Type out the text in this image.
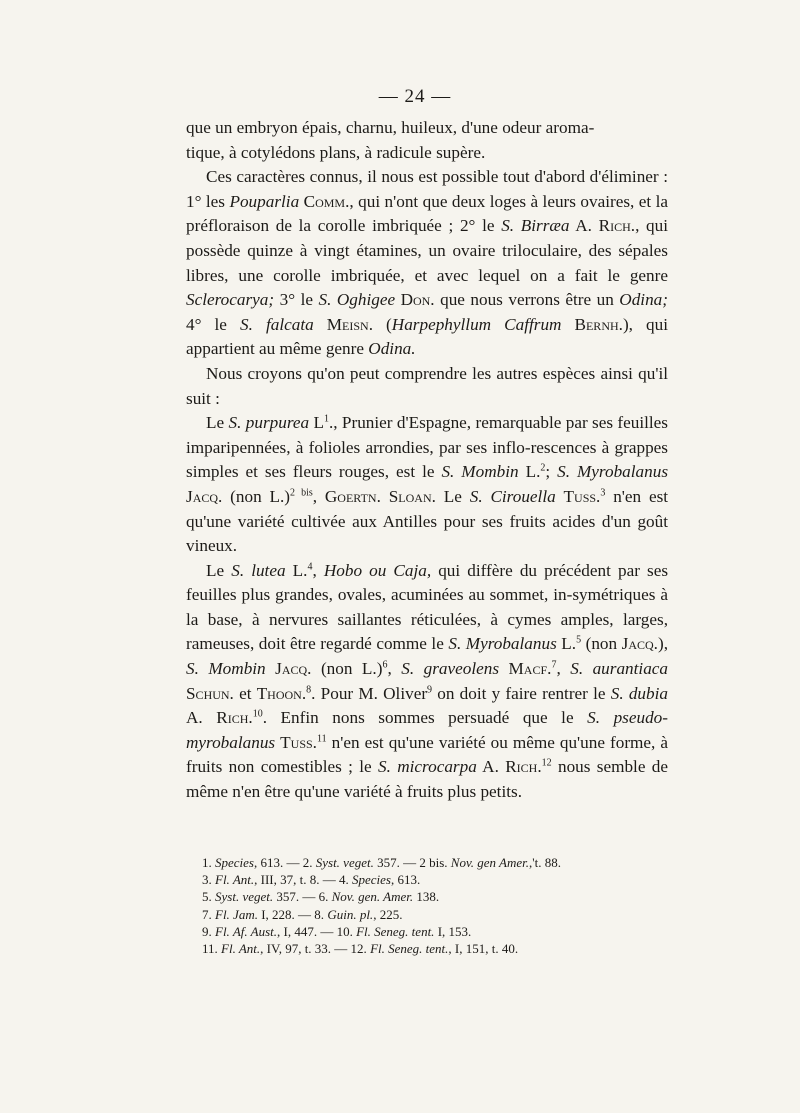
— 24 —

que un embryon épais, charnu, huileux, d'une odeur aroma-
tique, à cotylédons plans, à radicule supère.

Ces caractères connus, il nous est possible tout d'abord d'éliminer : 1° les Pouparlia Comm., qui n'ont que deux loges à leurs ovaires, et la préfloraison de la corolle imbriquée ; 2° le S. Birræa A. Rich., qui possède quinze à vingt étamines, un ovaire triloculaire, des sépales libres, une corolle imbriquée, et avec lequel on a fait le genre Sclerocarya; 3° le S. Oghigee Don. que nous verrons être un Odina; 4° le S. falcata Meisn. (Harpephyllum Caffrum Bernh.), qui appartient au même genre Odina.

Nous croyons qu'on peut comprendre les autres espèces ainsi qu'il suit :

Le S. purpurea $L^1$., Prunier d'Espagne, remarquable par ses feuilles imparipennées, à folioles arrondies, par ses inflo-rescences à grappes simples et ses fleurs rouges, est le S. Mombin L.$^2$; S. Myrobalanus Jacq. (non L.)$^{2 bis}$, Goertn. Sloan. Le S. Cirouella Tuss.$^3$ n'en est qu'une variété cultivée aux Antilles pour ses fruits acides d'un goût vineux.

Le S. lutea L.$^4$, Hobo ou Caja, qui diffère du précédent par ses feuilles plus grandes, ovales, acuminées au sommet, in-symétriques à la base, à nervures saillantes réticulées, à cymes amples, larges, rameuses, doit être regardé comme le S. Myrobalanus L.$^5$ (non Jacq.), S. Mombin Jacq. (non L.)$^6$, S. graveolens Macf.$^7$, S. aurantiaca Schun. et Thoon.$^8$. Pour M. Oliver$^9$ on doit y faire rentrer le S. dubia A. Rich.$^{10}$. Enfin nons sommes persuadé que le S. pseudo-myrobalanus Tuss.$^{11}$ n'en est qu'une variété ou même qu'une forme, à fruits non comestibles ; le S. microcarpa A. Rich.$^{12}$ nous semble de même n'en être qu'une variété à fruits plus petits.

1. Species, 613. — 2. Syst. veget. 357. — 2 bis. Nov. gen Amer.,'t. 88.
3. Fl. Ant., III, 37, t. 8. — 4. Species, 613.
5. Syst. veget. 357. — 6. Nov. gen. Amer. 138.
7. Fl. Jam. I, 228. — 8. Guin. pl., 225.
9. Fl. Af. Aust., I, 447. — 10. Fl. Seneg. tent. I, 153.
11. Fl. Ant., IV, 97, t. 33. — 12. Fl. Seneg. tent., I, 151, t. 40.
